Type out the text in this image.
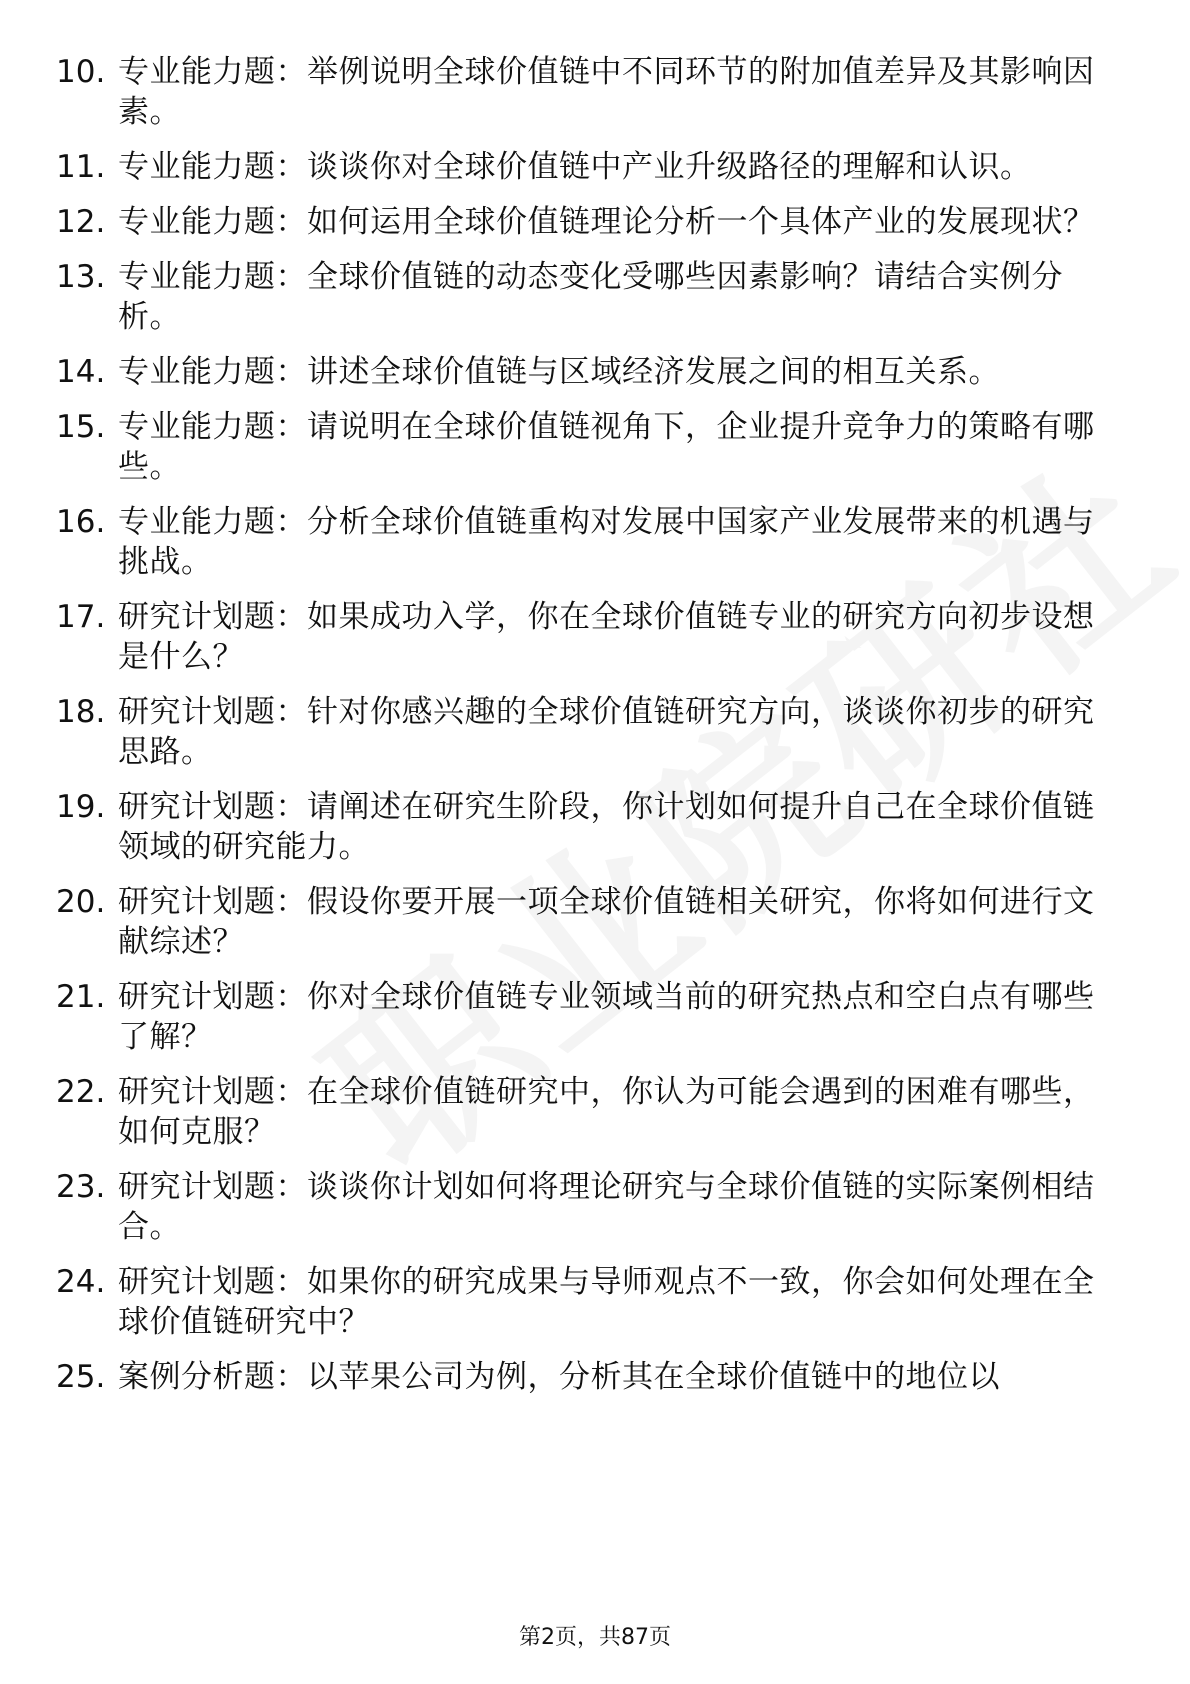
10. 专业能力题：举例说明全球价值链中不同环节的附加值差异及其影响因素。
11. 专业能力题：谈谈你对全球价值链中产业升级路径的理解和认识。
12. 专业能力题：如何运用全球价值链理论分析一个具体产业的发展现状？
13. 专业能力题：全球价值链的动态变化受哪些因素影响？请结合实例分析。
14. 专业能力题：讲述全球价值链与区域经济发展之间的相互关系。
15. 专业能力题：请说明在全球价值链视角下，企业提升竞争力的策略有哪些。
16. 专业能力题：分析全球价值链重构对发展中国家产业发展带来的机遇与挑战。
17. 研究计划题：如果成功入学，你在全球价值链专业的研究方向初步设想是什么？
18. 研究计划题：针对你感兴趣的全球价值链研究方向，谈谈你初步的研究思路。
19. 研究计划题：请阐述在研究生阶段，你计划如何提升自己在全球价值链领域的研究能力。
20. 研究计划题：假设你要开展一项全球价值链相关研究，你将如何进行文献综述？
21. 研究计划题：你对全球价值链专业领域当前的研究热点和空白点有哪些了解？
22. 研究计划题：在全球价值链研究中，你认为可能会遇到的困难有哪些，如何克服？
23. 研究计划题：谈谈你计划如何将理论研究与全球价值链的实际案例相结合。
24. 研究计划题：如果你的研究成果与导师观点不一致，你会如何处理在全球价值链研究中？
25. 案例分析题：以苹果公司为例，分析其在全球价值链中的地位以
第2页，共87页
